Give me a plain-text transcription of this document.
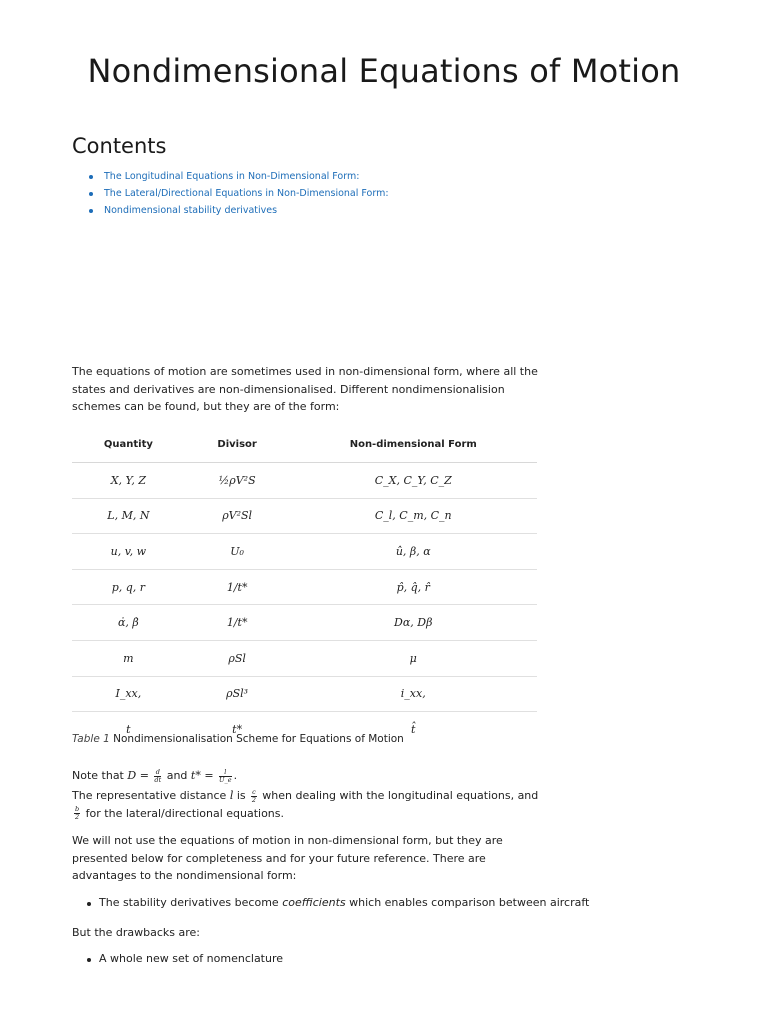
Nondimensional Equations of Motion
Contents
The Longitudinal Equations in Non-Dimensional Form:
The Lateral/Directional Equations in Non-Dimensional Form:
Nondimensional stability derivatives

The equations of motion are sometimes used in non-dimensional form, where all the states and derivatives are non-dimensionalised. Different nondimensionalision schemes can be found, but they are of the form:

Quantity	Divisor	Non-dimensional Form
X, Y, Z	½ρV²S	C_X, C_Y, C_Z
L, M, N	ρV²Sl	C_l, C_m, C_n
u, v, w	U₀	û, β, α
p, q, r	1/t*	p̂, q̂, r̂
α̇, β̇	1/t*	Dα, Dβ
m	ρSl	μ
I_xx,	ρSl³	i_xx,
t	t*	t̂
Table 1 Nondimensionalisation Scheme for Equations of Motion

Note that $D = \frac{d}{dt}$ and $t* = \frac{l}{U\_e}$ .

The representative distance l is $\frac{c}{2}$ when dealing with the longitudinal equations, and
$\frac{b}{2}$ for the lateral/directional equations.

We will not use the equations of motion in non-dimensional form, but they are presented below for completeness and for your future reference. There are advantages to the nondimensional form:

The stability derivatives become coefficients which enables comparison between aircraft

But the drawbacks are:

A whole new set of nomenclature
